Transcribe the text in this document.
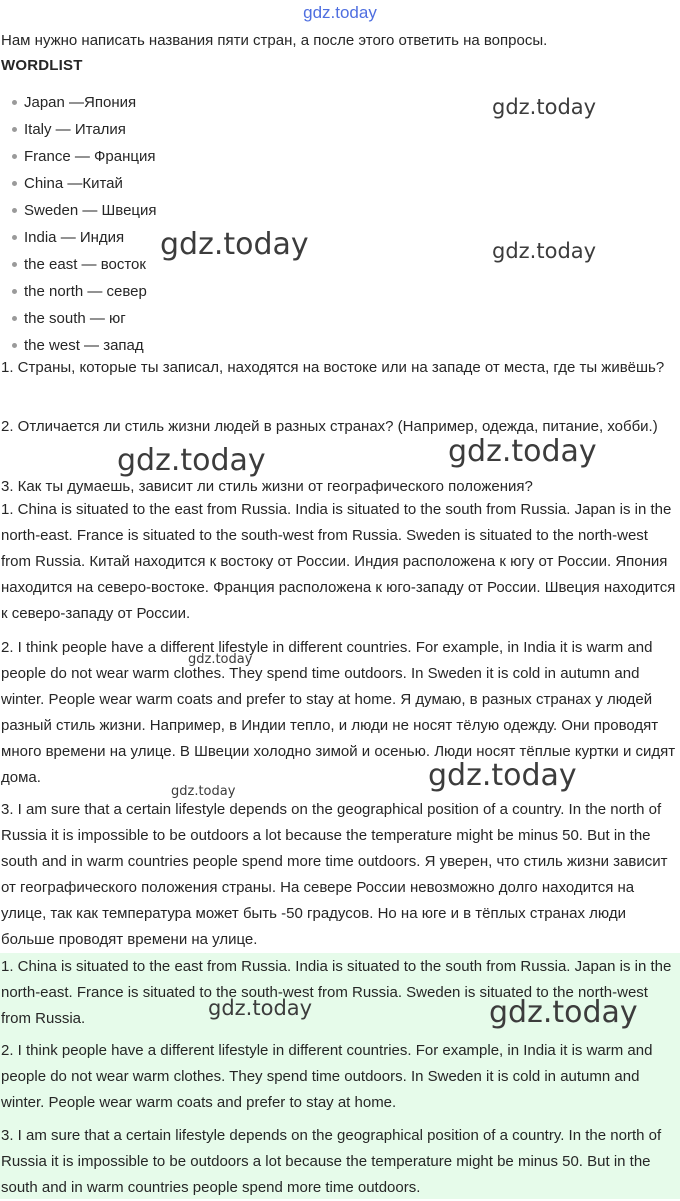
gdz.today

Нам нужно написать названия пяти стран, а после этого ответить на вопросы.

WORDLIST
Japan —Япония
Italy — Италия
France — Франция
China —Китай
Sweden — Швеция
India — Индия
the east — восток
the north — север
the south — юг
the west — запад

1. Страны, которые ты записал, находятся на востоке или на западе от места, где ты живёшь?

2. Отличается ли стиль жизни людей в разных странах? (Например, одежда, питание, хобби.)

3. Как ты думаешь, зависит ли стиль жизни от географического положения?

1. China is situated to the east from Russia. India is situated to the south from Russia. Japan is in the north-east. France is situated to the south-west from Russia. Sweden is situated to the north-west from Russia. Китай находится к востоку от России. Индия расположена к югу от России. Япония находится на северо-востоке. Франция расположена к юго-западу от России. Швеция находится к северо-западу от России.

2. I think people have a different lifestyle in different countries. For example, in India it is warm and people do not wear warm clothes. They spend time outdoors. In Sweden it is cold in autumn and winter. People wear warm coats and prefer to stay at home. Я думаю, в разных странах у людей разный стиль жизни. Например, в Индии тепло, и люди не носят тёлую одежду. Они проводят много времени на улице. В Швеции холодно зимой и осенью. Люди носят тёплые куртки и сидят дома.

3. I am sure that a certain lifestyle depends on the geographical position of a country. In the north of Russia it is impossible to be outdoors a lot because the temperature might be minus 50. But in the south and in warm countries people spend more time outdoors. Я уверен, что стиль жизни зависит от географического положения страны. На севере России невозможно долго находится на улице, так как температура может быть -50 градусов. Но на юге и в тёплых странах люди больше проводят времени на улице.

1. China is situated to the east from Russia. India is situated to the south from Russia. Japan is in the north-east. France is situated to the south-west from Russia. Sweden is situated to the north-west from Russia.

2. I think people have a different lifestyle in different countries. For example, in India it is warm and people do not wear warm clothes. They spend time outdoors. In Sweden it is cold in autumn and winter. People wear warm coats and prefer to stay at home.

3. I am sure that a certain lifestyle depends on the geographical position of a country. In the north of Russia it is impossible to be outdoors a lot because the temperature might be minus 50. But in the south and in warm countries people spend more time outdoors.

gdz.today
gdz.today	gdz.today
gdz.today	gdz.today
gdz.today
gdz.today
gdz.today
gdz.today	gdz.today
